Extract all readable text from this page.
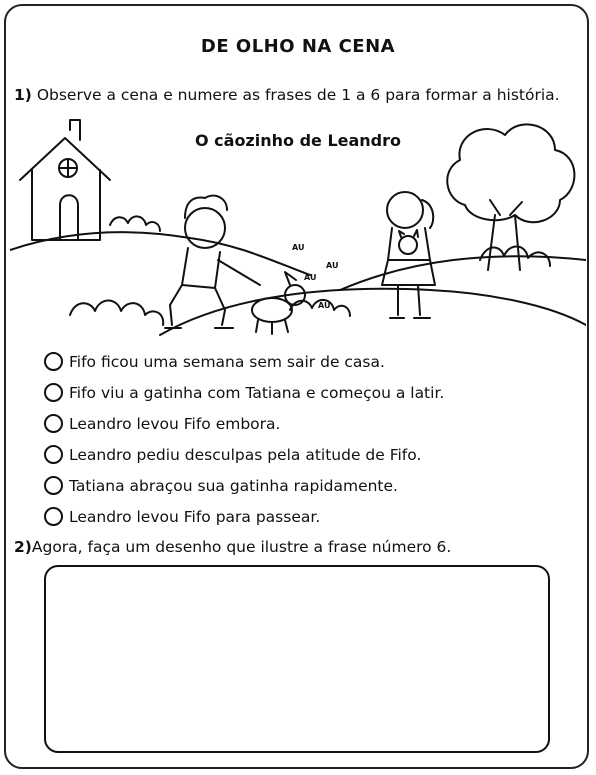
DE OLHO NA CENA
1) Observe a cena e numere as frases de 1 a 6 para formar a história.
AU
AU
AU
AU
O cãozinho de Leandro
Fifo ficou uma semana sem sair de casa.
Fifo viu a gatinha com Tatiana e começou a latir.
Leandro levou Fifo embora.
Leandro pediu desculpas pela atitude de Fifo.
Tatiana abraçou sua gatinha rapidamente.
Leandro levou Fifo para passear.
2)Agora, faça um desenho que ilustre a frase número 6.
